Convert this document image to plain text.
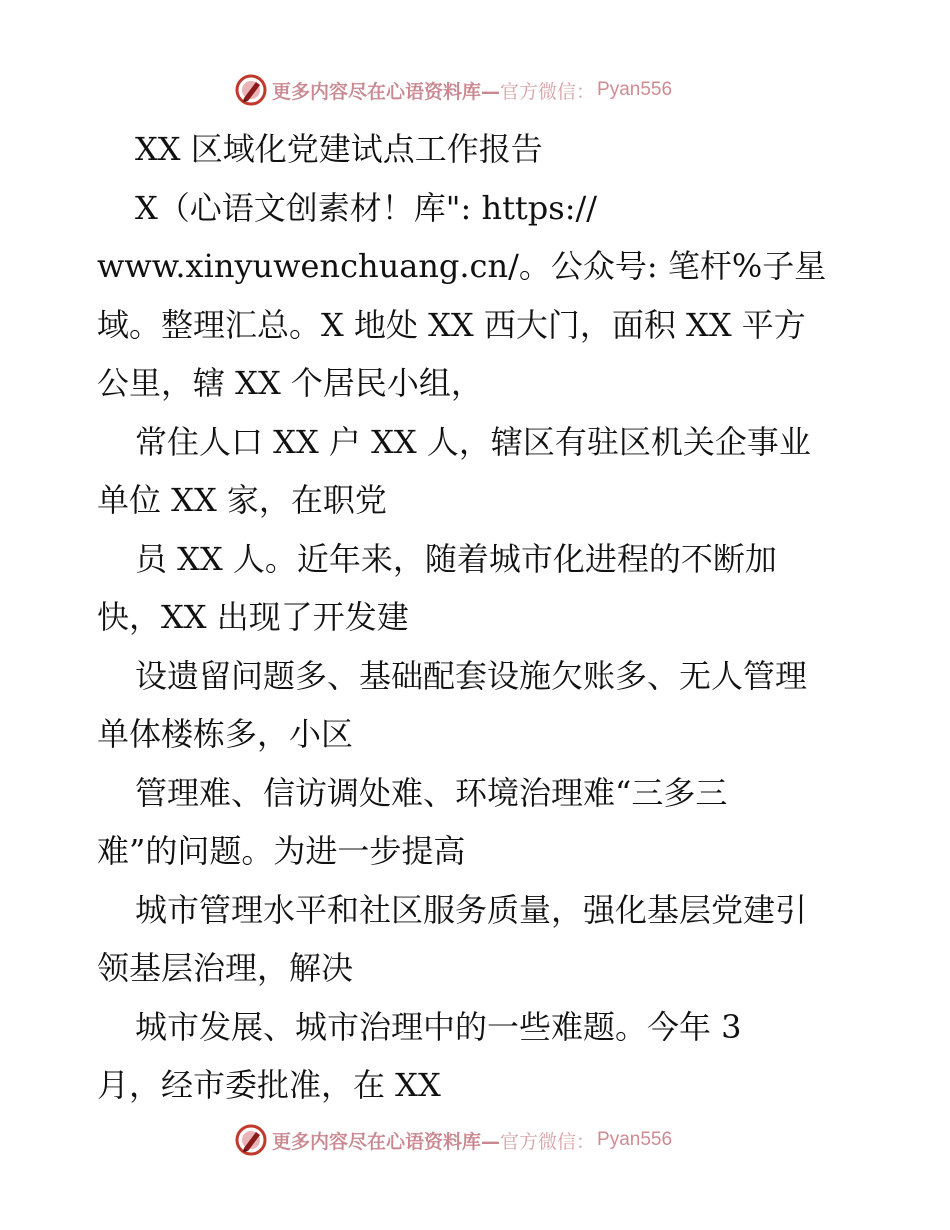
更多内容尽在心语资料库— 官方微信： Pyan556
XX 区域化党建试点工作报告
X（心语文创素材！库": https://
www.xinyuwenchuang.cn/。公众号: 笔杆%子星
域。整理汇总。X 地处 XX 西大门，面积 XX 平方
公里，辖 XX 个居民小组，
常住人口 XX 户 XX 人，辖区有驻区机关企事业
单位 XX 家，在职党
员 XX 人。近年来，随着城市化进程的不断加
快，XX 出现了开发建
设遗留问题多、基础配套设施欠账多、无人管理
单体楼栋多，小区
管理难、信访调处难、环境治理难“三多三
难”的问题。为进一步提高
城市管理水平和社区服务质量，强化基层党建引
领基层治理，解决
城市发展、城市治理中的一些难题。今年 3
月，经市委批准，在 XX
更多内容尽在心语资料库— 官方微信： Pyan556
